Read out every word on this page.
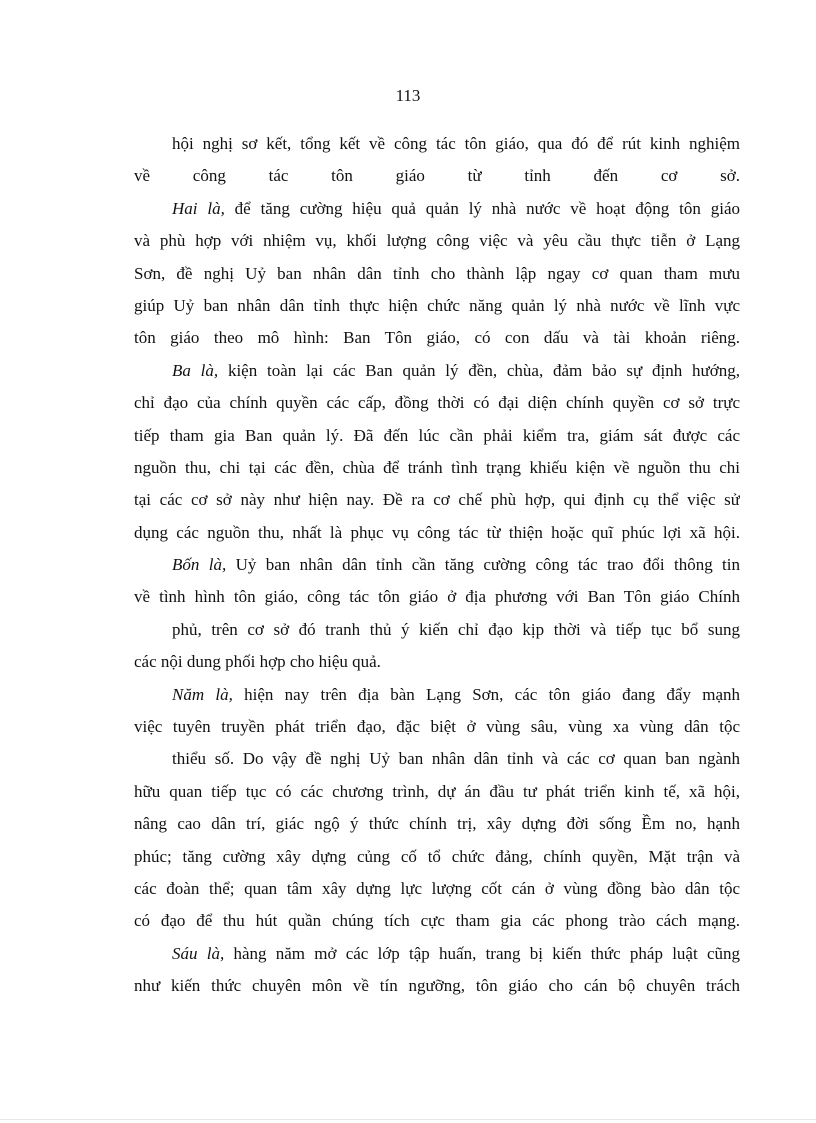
113
hội nghị sơ kết, tổng kết về công tác tôn giáo, qua đó để rút kinh nghiệm
về công tác tôn giáo từ tỉnh đến cơ sở.
Hai là, để tăng cường hiệu quả quản lý nhà nước về hoạt động tôn giáo
và phù hợp với nhiệm vụ, khối lượng công việc và yêu cầu thực tiễn ở Lạng
Sơn, đề nghị Uỷ ban nhân dân tỉnh cho thành lập ngay cơ quan tham mưu
giúp Uỷ ban nhân dân tỉnh thực hiện chức năng quản lý nhà nước về lĩnh vực
tôn giáo theo mô hình: Ban Tôn giáo, có con dấu và tài khoản riêng.
Ba là, kiện toàn lại các Ban quản lý đền, chùa, đảm bảo sự định hướng,
chỉ đạo của chính quyền các cấp, đồng thời có đại diện chính quyền cơ sở trực
tiếp tham gia Ban quản lý. Đã đến lúc cần phải kiểm tra, giám sát được các
nguồn thu, chi tại các đền, chùa để tránh tình trạng khiếu kiện về nguồn thu chi
tại các cơ sở này như hiện nay. Đề ra cơ chế phù hợp, qui định cụ thể việc sử
dụng các nguồn thu, nhất là phục vụ công tác từ thiện hoặc quĩ phúc lợi xã hội.
Bốn là, Uỷ ban nhân dân tỉnh cần tăng cường công tác trao đổi thông tin
về tình hình tôn giáo, công tác tôn giáo ở địa phương với Ban Tôn giáo Chính
phủ, trên cơ sở đó tranh thủ ý kiến chỉ đạo kịp thời và tiếp tục bổ sung
các nội dung phối hợp cho hiệu quả.
Năm là, hiện nay trên địa bàn Lạng Sơn, các tôn giáo đang đẩy mạnh
việc tuyên truyền phát triển đạo, đặc biệt ở vùng sâu, vùng xa vùng dân tộc
thiểu số. Do vậy đề nghị Uỷ ban nhân dân tỉnh và các cơ quan ban ngành
hữu quan tiếp tục có các chương trình, dự án đầu tư phát triển kinh tế, xã hội,
nâng cao dân trí, giác ngộ ý thức chính trị, xây dựng đời sống Ềm no, hạnh
phúc; tăng cường xây dựng củng cố tổ chức đảng, chính quyền, Mặt trận và
các đoàn thể; quan tâm xây dựng lực lượng cốt cán ở vùng đồng bào dân tộc
có đạo để thu hút quần chúng tích cực tham gia các phong trào cách mạng.
Sáu là, hàng năm mở các lớp tập huấn, trang bị kiến thức pháp luật cũng
như kiến thức chuyên môn về tín ngưỡng, tôn giáo cho cán bộ chuyên trách
